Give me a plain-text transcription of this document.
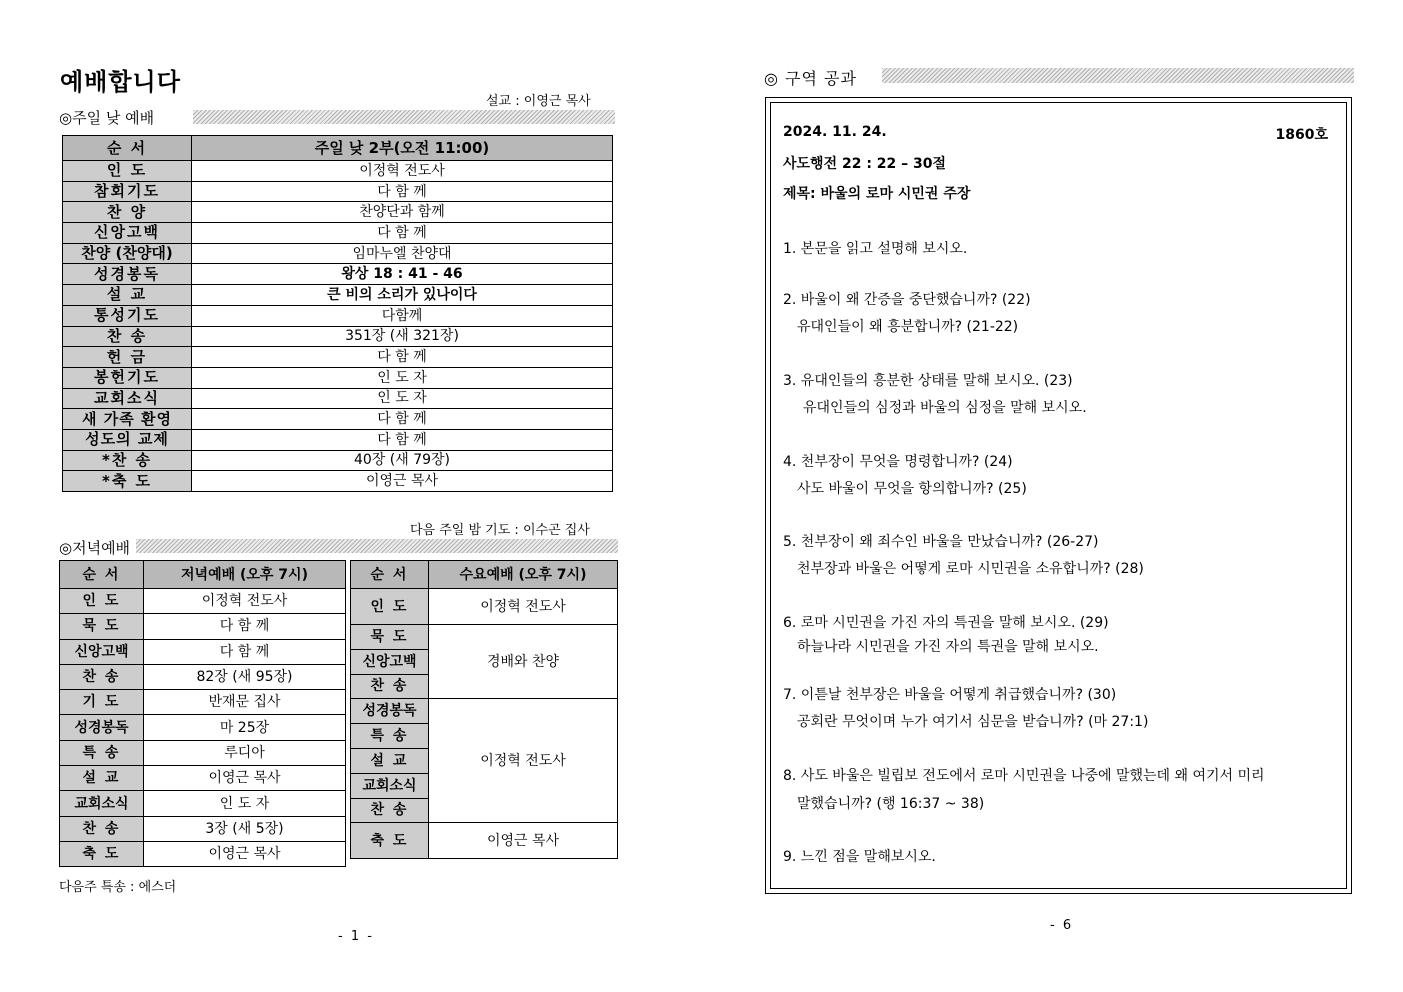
예배합니다
설교 : 이영근 목사
◎주일 낮 예배
순 서	주일 낮 2부(오전 11:00)
인 도	이정혁 전도사
참회기도	다 함 께
찬 양	찬양단과 함께
신앙고백	다 함 께
찬양 (찬양대)	임마누엘 찬양대
성경봉독	왕상 18 : 41 - 46
설 교	큰 비의 소리가 있나이다
통성기도	다함께
찬 송	351장 (새 321장)
헌 금	다 함 께
봉헌기도	인 도 자
교회소식	인 도 자
새 가족 환영	다 함 께
성도의 교제	다 함 께
*찬 송	40장 (새 79장)
*축 도	이영근 목사
다음 주일 밤 기도 : 이수곤 집사
◎저녁예배
순 서	저녁예배 (오후 7시)
인 도	이정혁 전도사
묵 도	다 함 께
신앙고백	다 함 께
찬 송	82장 (새 95장)
기 도	반재문 집사
성경봉독	마 25장
특 송	루디아
설 교	이영근 목사
교회소식	인 도 자
찬 송	3장 (새 5장)
축 도	이영근 목사
순 서	수요예배 (오후 7시)
인 도	이정혁 전도사
묵 도	경배와 찬양
신앙고백	
찬 송	
성경봉독	이정혁 전도사
특 송	
설 교	
교회소식	
찬 송	
축 도	이영근 목사
다음주 특송 : 에스더
- 1 -
◎ 구역 공과
2024. 11. 24.	1860호
사도행전 22 : 22 – 30절
제목: 바울의 로마 시민권 주장
1. 본문을 읽고 설명해 보시오.
2. 바울이 왜 간증을 중단했습니까? (22)
유대인들이 왜 흥분합니까? (21-22)
3. 유대인들의 흥분한 상태를 말해 보시오. (23)
유대인들의 심정과 바울의 심정을 말해 보시오.
4. 천부장이 무엇을 명령합니까? (24)
사도 바울이 무엇을 항의합니까? (25)
5. 천부장이 왜 죄수인 바울을 만났습니까? (26-27)
천부장과 바울은 어떻게 로마 시민권을 소유합니까? (28)
6. 로마 시민권을 가진 자의 특권을 말해 보시오. (29)
하늘나라 시민권을 가진 자의 특권을 말해 보시오.
7. 이튿날 천부장은 바울을 어떻게 취급했습니까? (30)
공회란 무엇이며 누가 여기서 심문을 받습니까? (마 27:1)
8. 사도 바울은 빌립보 전도에서 로마 시민권을 나중에 말했는데 왜 여기서 미리
말했습니까? (행 16:37 ~ 38)
9. 느낀 점을 말해보시오.
- 6
